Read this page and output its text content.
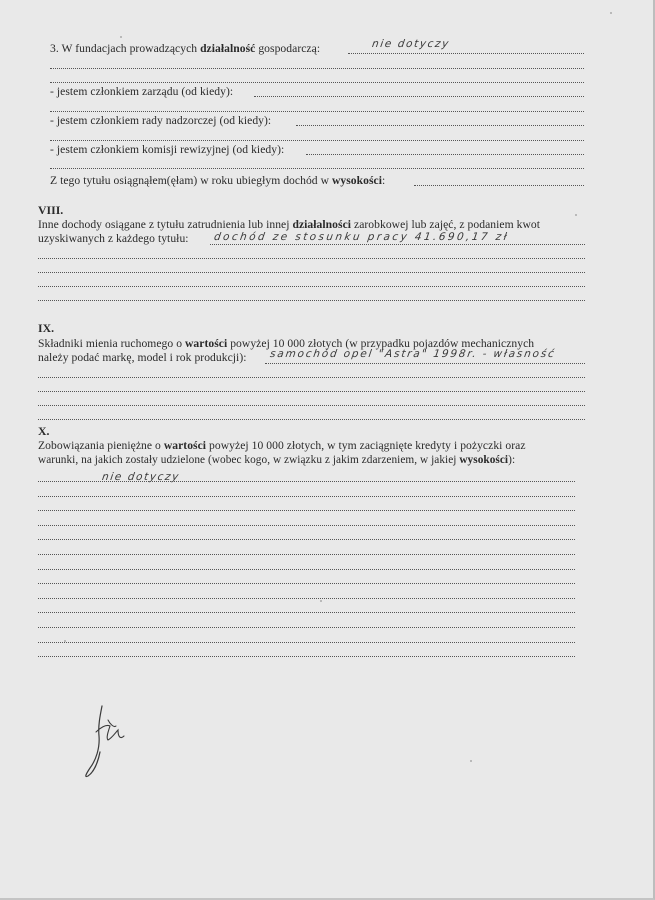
3. W fundacjach prowadzących działalność gospodarczą:	nie dotyczy
- jestem członkiem zarządu (od kiedy):
- jestem członkiem rady nadzorczej (od kiedy):
- jestem członkiem komisji rewizyjnej (od kiedy):
Z tego tytułu osiągnąłem(ęłam) w roku ubiegłym dochód w wysokości:
VIII.
Inne dochody osiągane z tytułu zatrudnienia lub innej działalności zarobkowej lub zajęć, z podaniem kwot
uzyskiwanych z każdego tytułu: dochód ze stosunku pracy 41.690,17 zł
IX.
Składniki mienia ruchomego o wartości powyżej 10 000 złotych (w przypadku pojazdów mechanicznych
należy podać markę, model i rok produkcji): samochód opel "Astra" 1998r. - własność
X.
Zobowiązania pieniężne o wartości powyżej 10 000 złotych, w tym zaciągnięte kredyty i pożyczki oraz
warunki, na jakich zostały udzielone (wobec kogo, w związku z jakim zdarzeniem, w jakiej wysokości):
nie dotyczy
